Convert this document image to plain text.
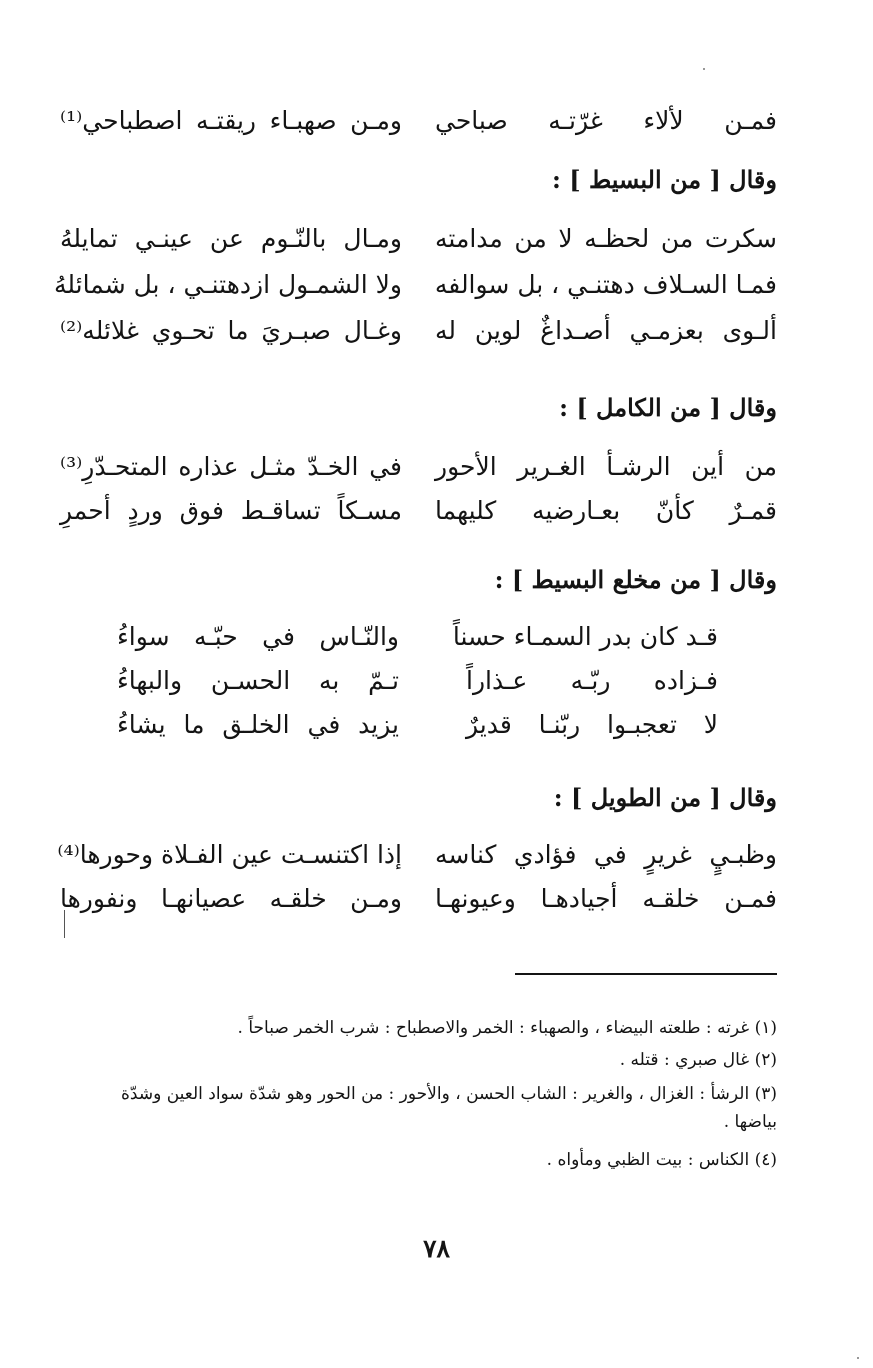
فمـن لألاء غرّتـه صباحي
ومـن صهبـاء ريقتـه اصطباحي⁽¹⁾
وقال [ من البسيط ] :
سكرت من لحظـه لا من مدامته
ومـال بالنّـوم عن عينـي تمايلهُ
فمـا السـلاف دهتنـي ، بل سوالفه
ولا الشمـول ازدهتنـي ، بل شمائلهُ
ألـوى بعزمـي أصـداغٌ لوين له
وغـال صبـريَ ما تحـوي غلائله⁽²⁾
وقال [ من الكامل ] :
من أين الرشـأ الغـرير الأحور
في الخـدّ مثـل عذاره المتحـدّرِ⁽³⁾
قمـرٌ كأنّ بعـارضيه كليهما
مسـكاً تساقـط فوق وردٍ أحمرِ
وقال [ من مخلع البسيط ] :
قـد كان بدر السمـاء حسناً
والنّـاس في حبّـه سواءُ
فـزاده ربّـه عـذاراً
تـمّ به الحسـن والبهاءُ
لا تعجبـوا ربّنـا قديرٌ
يزيد في الخلـق ما يشاءُ
وقال [ من الطويل ] :
وظبـيٍ غريرٍ في فؤادي كناسه
إذا اكتنسـت عين الفـلاة وحورها⁽⁴⁾
فمـن خلقـه أجيادهـا وعيونهـا
ومـن خلقـه عصيانهـا ونفورها
(١) غرته : طلعته البيضاء ، والصهباء : الخمر والاصطباح : شرب الخمر صباحاً .
(٢) غال صبري : قتله .
(٣) الرشأ : الغزال ، والغرير : الشاب الحسن ، والأحور : من الحور وهو شدّة سواد العين وشدّة بياضها .
(٤) الكناس : بيت الظبي ومأواه .
٧٨
